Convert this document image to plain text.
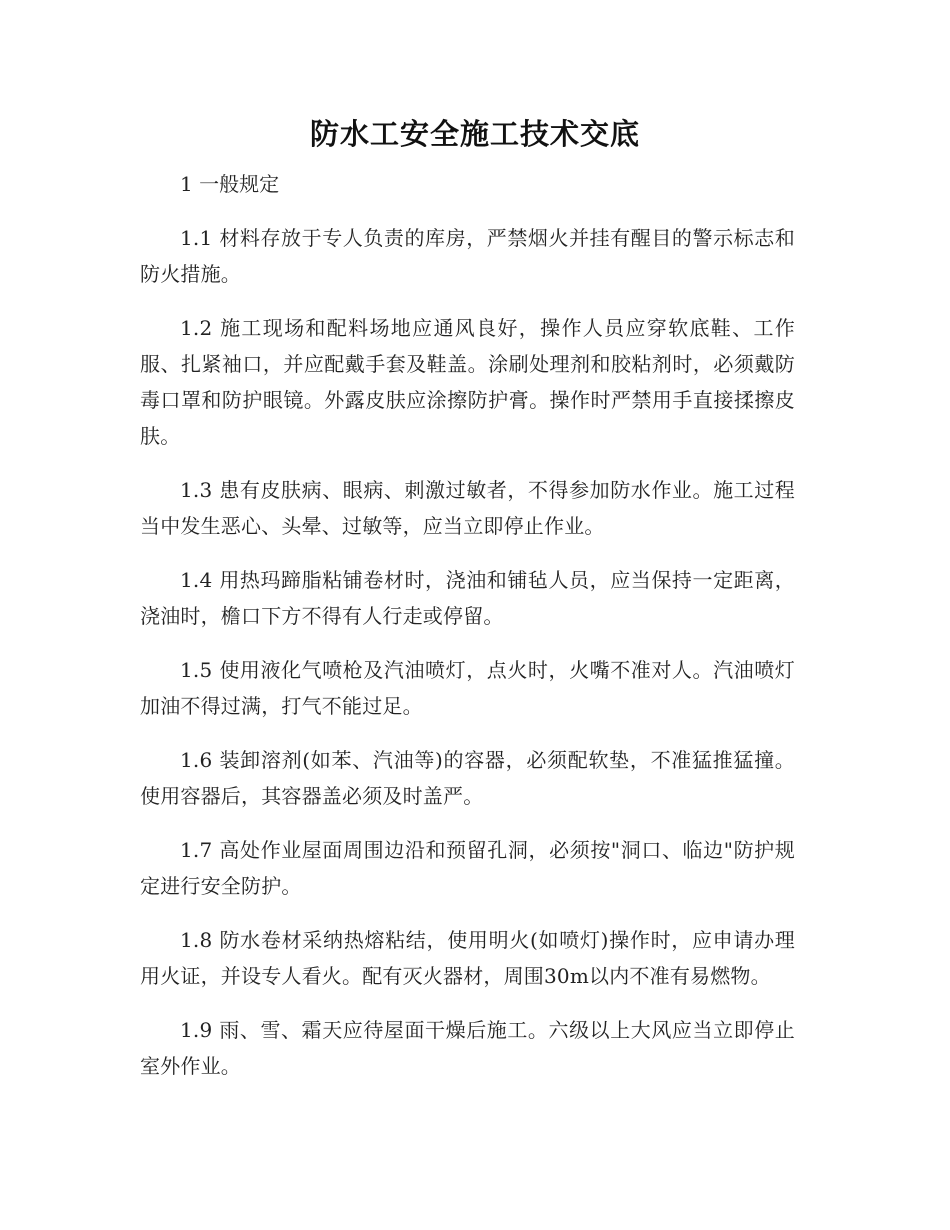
防水工安全施工技术交底

1 一般规定

1.1 材料存放于专人负责的库房，严禁烟火并挂有醒目的警示标志和防火措施。

1.2 施工现场和配料场地应通风良好，操作人员应穿软底鞋、工作服、扎紧袖口，并应配戴手套及鞋盖。涂刷处理剂和胶粘剂时，必须戴防毒口罩和防护眼镜。外露皮肤应涂擦防护膏。操作时严禁用手直接揉擦皮肤。

1.3 患有皮肤病、眼病、刺激过敏者，不得参加防水作业。施工过程当中发生恶心、头晕、过敏等，应当立即停止作业。

1.4 用热玛蹄脂粘铺卷材时，浇油和铺毡人员，应当保持一定距离，浇油时，檐口下方不得有人行走或停留。

1.5 使用液化气喷枪及汽油喷灯，点火时，火嘴不准对人。汽油喷灯加油不得过满，打气不能过足。

1.6 装卸溶剂(如苯、汽油等)的容器，必须配软垫，不准猛推猛撞。使用容器后，其容器盖必须及时盖严。

1.7 高处作业屋面周围边沿和预留孔洞，必须按"洞口、临边"防护规定进行安全防护。

1.8 防水卷材采纳热熔粘结，使用明火(如喷灯)操作时，应申请办理用火证，并设专人看火。配有灭火器材，周围30m以内不准有易燃物。

1.9 雨、雪、霜天应待屋面干燥后施工。六级以上大风应当立即停止室外作业。
